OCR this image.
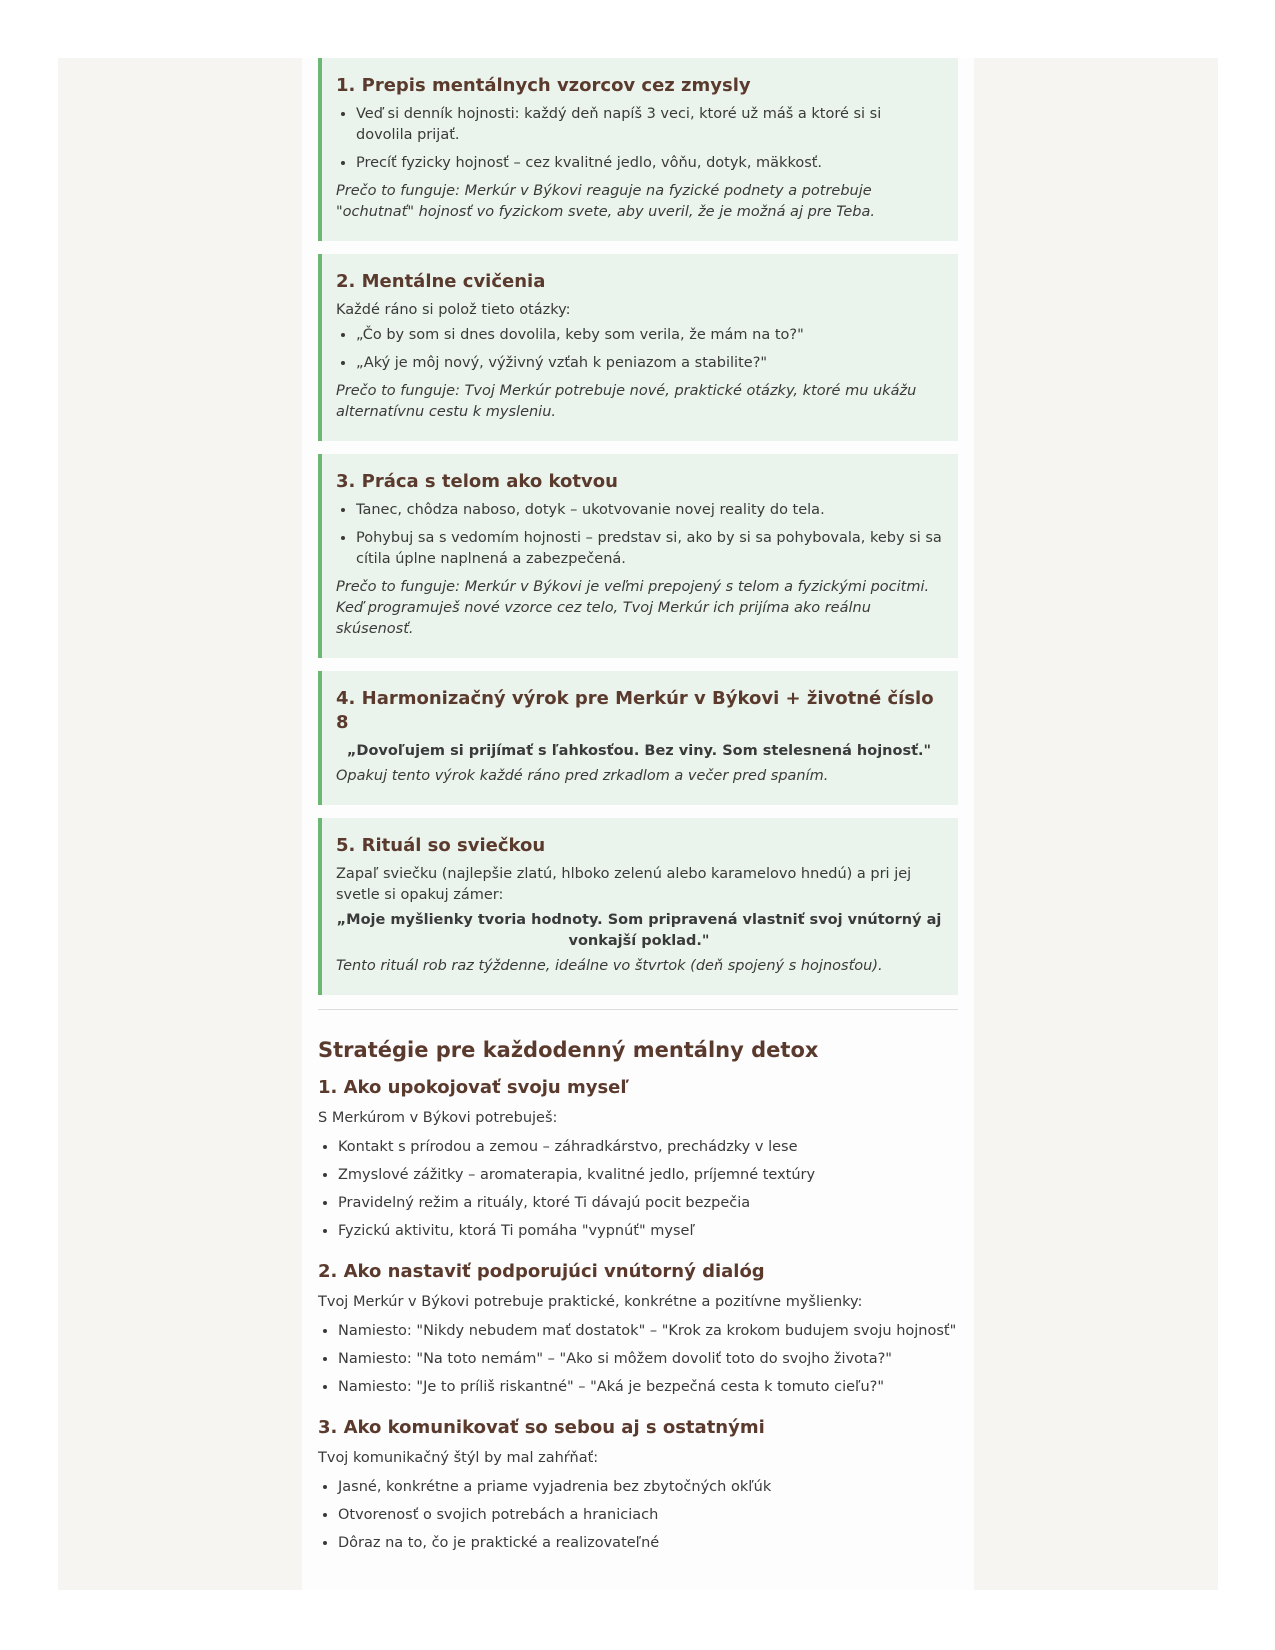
1. Prepis mentálnych vzorcov cez zmysly
• Veď si denník hojnosti: každý deň napíš 3 veci, ktoré už máš a ktoré si si dovolila prijať.
• Precíť fyzicky hojnosť – cez kvalitné jedlo, vôňu, dotyk, mäkkosť.

Prečo to funguje: Merkúr v Býkovi reaguje na fyzické podnety a potrebuje "ochutnať" hojnosť vo fyzickom svete, aby uveril, že je možná aj pre Teba.

2. Mentálne cvičenia

Každé ráno si polož tieto otázky:

• „Čo by som si dnes dovolila, keby som verila, že mám na to?"
• „Aký je môj nový, výživný vzťah k peniazom a stabilite?"

Prečo to funguje: Tvoj Merkúr potrebuje nové, praktické otázky, ktoré mu ukážu alternatívnu cestu k mysleniu.

3. Práca s telom ako kotvou
• Tanec, chôdza naboso, dotyk – ukotvovanie novej reality do tela.
• Pohybuj sa s vedomím hojnosti – predstav si, ako by si sa pohybovala, keby si sa cítila úplne naplnená a zabezpečená.

Prečo to funguje: Merkúr v Býkovi je veľmi prepojený s telom a fyzickými pocitmi. Keď programuješ nové vzorce cez telo, Tvoj Merkúr ich prijíma ako reálnu skúsenosť.

4. Harmonizačný výrok pre Merkúr v Býkovi + životné číslo 8

„Dovoľujem si prijímať s ľahkosťou. Bez viny. Som stelesnená hojnosť."

Opakuj tento výrok každé ráno pred zrkadlom a večer pred spaním.

5. Rituál so sviečkou

Zapaľ sviečku (najlepšie zlatú, hlboko zelenú alebo karamelovo hnedú) a pri jej svetle si opakuj zámer:

„Moje myšlienky tvoria hodnoty. Som pripravená vlastniť svoj vnútorný aj vonkajší poklad."

Tento rituál rob raz týždenne, ideálne vo štvrtok (deň spojený s hojnosťou).

Stratégie pre každodenný mentálny detox
1. Ako upokojovať svoju myseľ

S Merkúrom v Býkovi potrebuješ:

• Kontakt s prírodou a zemou – záhradkárstvo, prechádzky v lese
• Zmyslové zážitky – aromaterapia, kvalitné jedlo, príjemné textúry
• Pravidelný režim a rituály, ktoré Ti dávajú pocit bezpečia
• Fyzickú aktivitu, ktorá Ti pomáha "vypnúť" myseľ
2. Ako nastaviť podporujúci vnútorný dialóg

Tvoj Merkúr v Býkovi potrebuje praktické, konkrétne a pozitívne myšlienky:

• Namiesto: "Nikdy nebudem mať dostatok" – "Krok za krokom budujem svoju hojnosť"
• Namiesto: "Na toto nemám" – "Ako si môžem dovoliť toto do svojho života?"
• Namiesto: "Je to príliš riskantné" – "Aká je bezpečná cesta k tomuto cieľu?"
3. Ako komunikovať so sebou aj s ostatnými

Tvoj komunikačný štýl by mal zahŕňať:

• Jasné, konkrétne a priame vyjadrenia bez zbytočných okľúk
• Otvorenosť o svojich potrebách a hraniciach
• Dôraz na to, čo je praktické a realizovateľné
